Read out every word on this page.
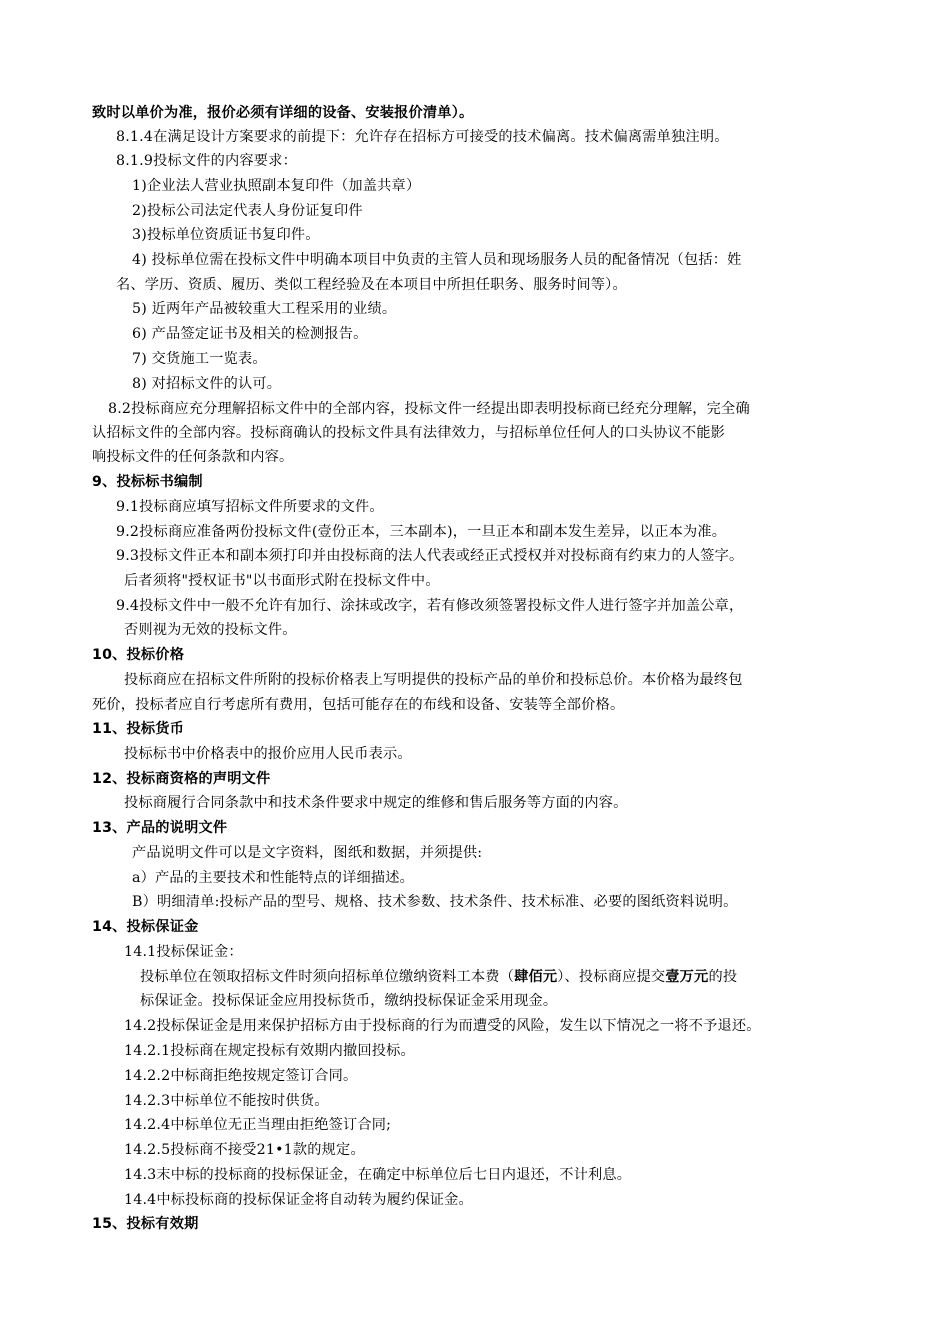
致时以单价为准，报价必须有详细的设备、安装报价清单）。
8.1.4在满足设计方案要求的前提下：允许存在招标方可接受的技术偏离。技术偏离需单独注明。
8.1.9投标文件的内容要求：
1)企业法人营业执照副本复印件（加盖共章）
2)投标公司法定代表人身份证复印件
3)投标单位资质证书复印件。
4) 投标单位需在投标文件中明确本项目中负责的主管人员和现场服务人员的配备情况（包括：姓
名、学历、资质、履历、类似工程经验及在本项目中所担任职务、服务时间等）。
5) 近两年产品被较重大工程采用的业绩。
6) 产品签定证书及相关的检测报告。
7) 交货施工一览表。
8) 对招标文件的认可。
8.2投标商应充分理解招标文件中的全部内容，投标文件一经提出即表明投标商已经充分理解，完全确
认招标文件的全部内容。投标商确认的投标文件具有法律效力，与招标单位任何人的口头协议不能影
响投标文件的任何条款和内容。
9、投标标书编制
9.1投标商应填写招标文件所要求的文件。
9.2投标商应准备两份投标文件(壹份正本，三本副本)，一旦正本和副本发生差异，以正本为准。
9.3投标文件正本和副本须打印并由投标商的法人代表或经正式授权并对投标商有约束力的人签字。
后者须将"授权证书"以书面形式附在投标文件中。
9.4投标文件中一般不允许有加行、涂抹或改字，若有修改须签署投标文件人进行签字并加盖公章，
否则视为无效的投标文件。
10、投标价格
投标商应在招标文件所附的投标价格表上写明提供的投标产品的单价和投标总价。本价格为最终包
死价，投标者应自行考虑所有费用，包括可能存在的布线和设备、安装等全部价格。
11、投标货币
投标标书中价格表中的报价应用人民币表示。
12、投标商资格的声明文件
投标商履行合同条款中和技术条件要求中规定的维修和售后服务等方面的内容。
13、产品的说明文件
产品说明文件可以是文字资料，图纸和数据，并须提供:
a）产品的主要技术和性能特点的详细描述。
B）明细清单:投标产品的型号、规格、技术参数、技术条件、技术标准、必要的图纸资料说明。
14、投标保证金
14.1投标保证金：
投标单位在领取招标文件时须向招标单位缴纳资料工本费（肆佰元）、投标商应提交壹万元的投
标保证金。投标保证金应用投标货币，缴纳投标保证金采用现金。
14.2投标保证金是用来保护招标方由于投标商的行为而遭受的风险，发生以下情况之一将不予退还。
14.2.1投标商在规定投标有效期内撤回投标。
14.2.2中标商拒绝按规定签订合同。
14.2.3中标单位不能按时供货。
14.2.4中标单位无正当理由拒绝签订合同;
14.2.5投标商不接受21•1款的规定。
14.3末中标的投标商的投标保证金，在确定中标单位后七日内退还，不计利息。
14.4中标投标商的投标保证金将自动转为履约保证金。
15、投标有效期
